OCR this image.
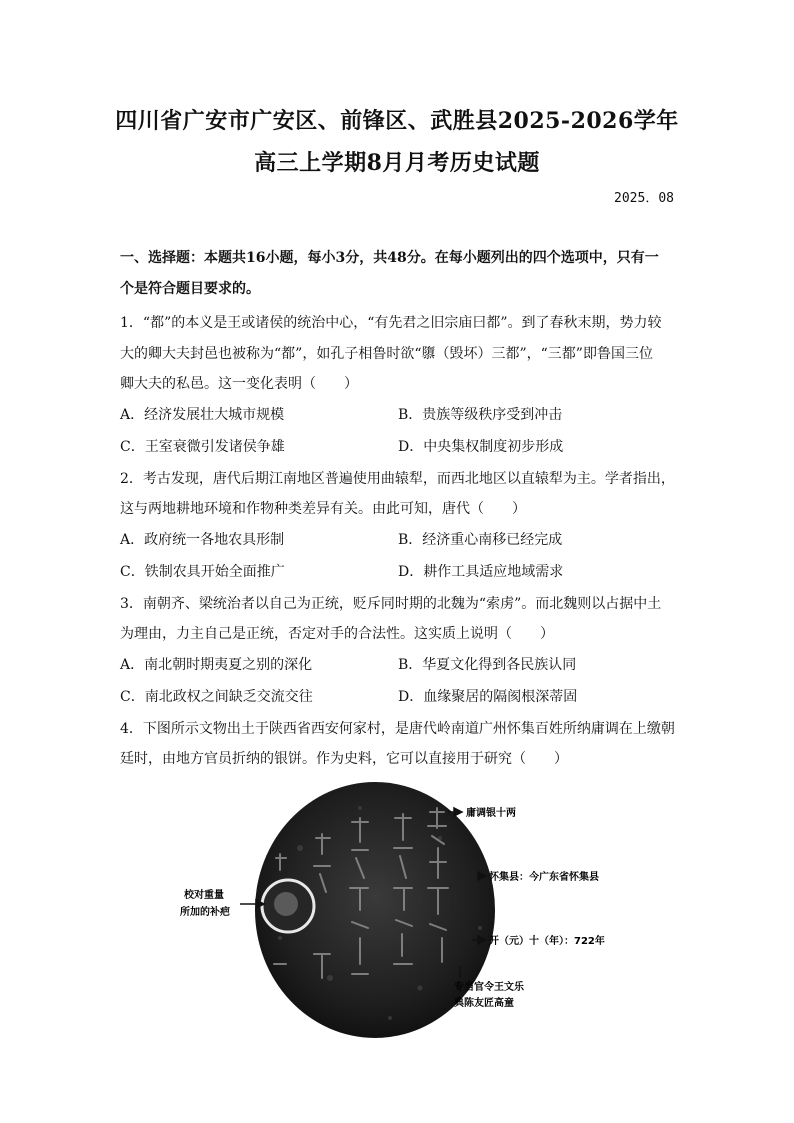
四川省广安市广安区、前锋区、武胜县2025-2026学年
高三上学期8月月考历史试题
2025．08
一、选择题：本题共16小题，每小3分，共48分。在每小题列出的四个选项中，只有一
个是符合题目要求的。
1．“都”的本义是王或诸侯的统治中心，“有先君之旧宗庙曰都”。到了春秋末期，势力较
大的卿大夫封邑也被称为“都”，如孔子相鲁时欲“隳（毁坏）三都”，“三都”即鲁国三位
卿大夫的私邑。这一变化表明（　　）
A．经济发展壮大城市规模	B．贵族等级秩序受到冲击
C．王室衰微引发诸侯争雄	D．中央集权制度初步形成
2．考古发现，唐代后期江南地区普遍使用曲辕犁，而西北地区以直辕犁为主。学者指出，
这与两地耕地环境和作物种类差异有关。由此可知，唐代（　　）
A．政府统一各地农具形制	B．经济重心南移已经完成
C．铁制农具开始全面推广	D．耕作工具适应地域需求
3．南朝齐、梁统治者以自己为正统，贬斥同时期的北魏为“索虏”。而北魏则以占据中土
为理由，力主自己是正统，否定对手的合法性。这实质上说明（　　）
A．南北朝时期夷夏之别的深化	B．华夏文化得到各民族认同
C．南北政权之间缺乏交流交往	D．血缘聚居的隔阂根深蒂固
4．下图所示文物出土于陕西省西安何家村，是唐代岭南道广州怀集百姓所纳庸调在上缴朝
廷时，由地方官员折纳的银饼。作为史料，它可以直接用于研究（　　）
庸调银十两
怀集县：今广东省怀集县
开（元）十（年）：722年
专当官令王文乐
典陈友匠高童
校对重量
所加的补疤
